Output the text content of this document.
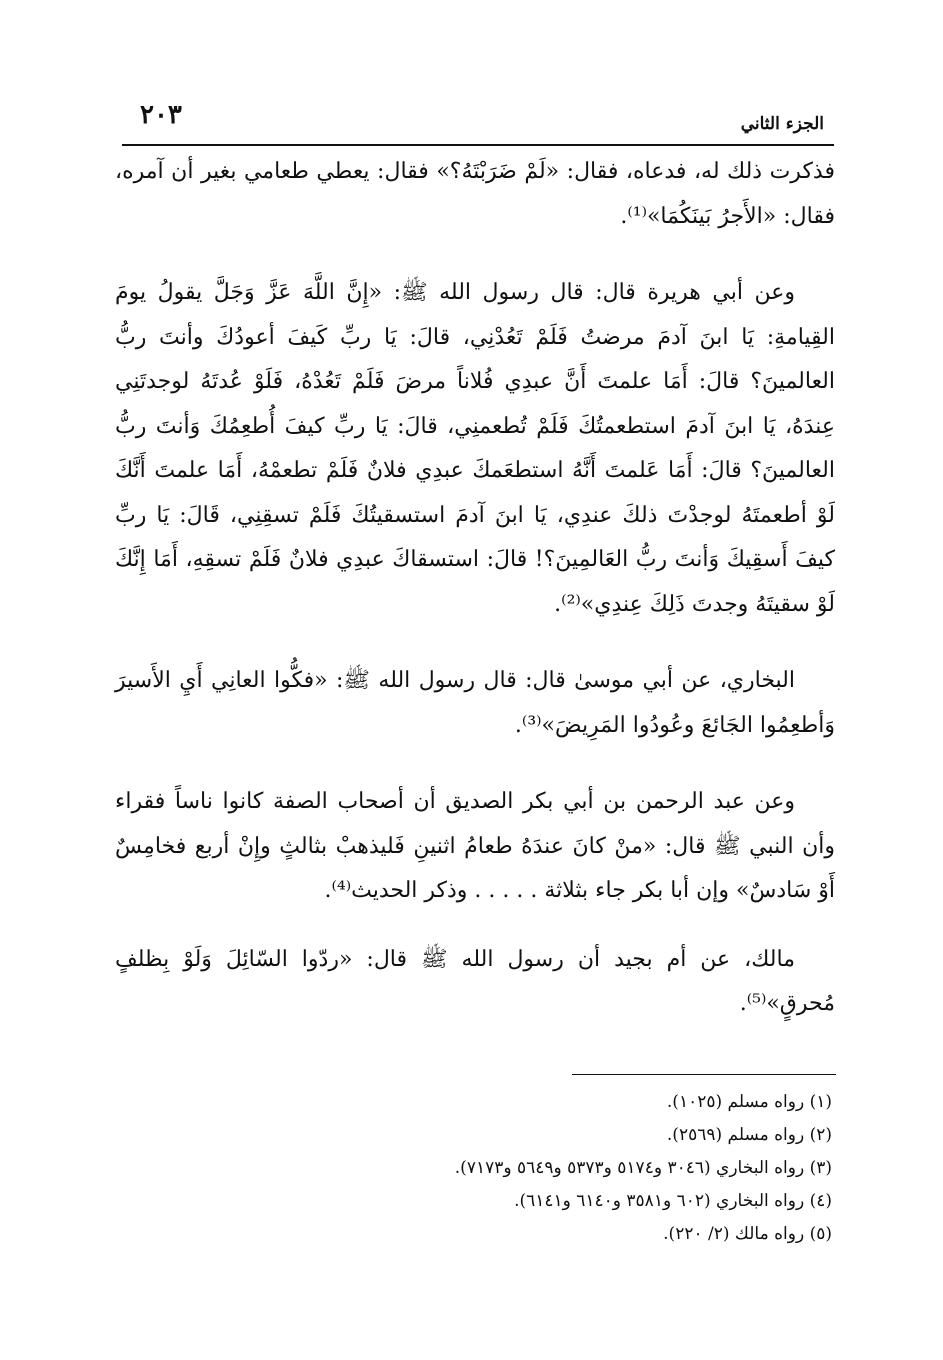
٢٠٣	الجزء الثاني

فذكرت ذلك له، فدعاه، فقال: «لَمْ ضَرَبْتَهُ؟» فقال: يعطي طعامي بغير أن آمره، فقال: «الأَجرُ بَينَكُمَا»⁽¹⁾.

وعن أبي هريرة قال: قال رسول الله ﷺ: «إِنَّ اللَّهَ عَزَّ وَجَلَّ يقولُ يومَ القِيامةِ: يَا ابنَ آدمَ مرضتُ فَلَمْ تَعُدْنِي، قالَ: يَا ربِّ كَيفَ أعودُكَ وأنتَ ربُّ العالمينَ؟ قالَ: أَمَا علمتَ أَنَّ عبدِي فُلاناً مرضَ فَلَمْ تَعُدْهُ، فَلَوْ عُدتَهُ لوجدتَنِي عِندَهُ، يَا ابنَ آدمَ استطعمتُكَ فَلَمْ تُطعمنِي، قالَ: يَا ربِّ كيفَ أُطعِمُكَ وَأنتَ ربُّ العالمينَ؟ قالَ: أَمَا عَلمتَ أَنَّهُ استطعَمكَ عبدِي فلانٌ فَلَمْ تطعمْهُ، أَمَا علمتَ أَنَّكَ لَوْ أطعمتَهُ لوجدْتَ ذلكَ عندِي، يَا ابنَ آدمَ استسقيتُكَ فَلَمْ تسقِنِي، قَالَ: يَا ربِّ كيفَ أَسقِيكَ وَأنتَ ربُّ العَالمِينَ؟! قالَ: استسقاكَ عبدِي فلانٌ فَلَمْ تسقِهِ، أَمَا إِنَّكَ لَوْ سقيتَهُ وجدتَ ذَلِكَ عِندِي»⁽²⁾.

البخاري، عن أبي موسىٰ قال: قال رسول الله ﷺ: «فكُّوا العانِي أَيِ الأَسيرَ وَأطعِمُوا الجَائعَ وعُودُوا المَرِيضَ»⁽³⁾.

وعن عبد الرحمن بن أبي بكر الصديق أن أصحاب الصفة كانوا ناساً فقراء وأن النبي ﷺ قال: «منْ كانَ عندَهُ طعامُ اثنينِ فَليذهبْ بثالثٍ وإِنْ أربع فخامِسٌ أَوْ سَادسٌ» وإن أبا بكر جاء بثلاثة . . . . . وذكر الحديث⁽⁴⁾.

مالك، عن أم بجيد أن رسول الله ﷺ قال: «ردّوا السّائِلَ وَلَوْ بِظلفٍ مُحرقٍ»⁽⁵⁾.

(١) رواه مسلم (١٠٢٥).

(٢) رواه مسلم (٢٥٦٩).

(٣) رواه البخاري (٣٠٤٦ و٥١٧٤ و٥٣٧٣ و٥٦٤٩ و٧١٧٣).

(٤) رواه البخاري (٦٠٢ و٣٥٨١ و٦١٤٠ و٦١٤١).

(٥) رواه مالك (٢/ ٢٢٠).
